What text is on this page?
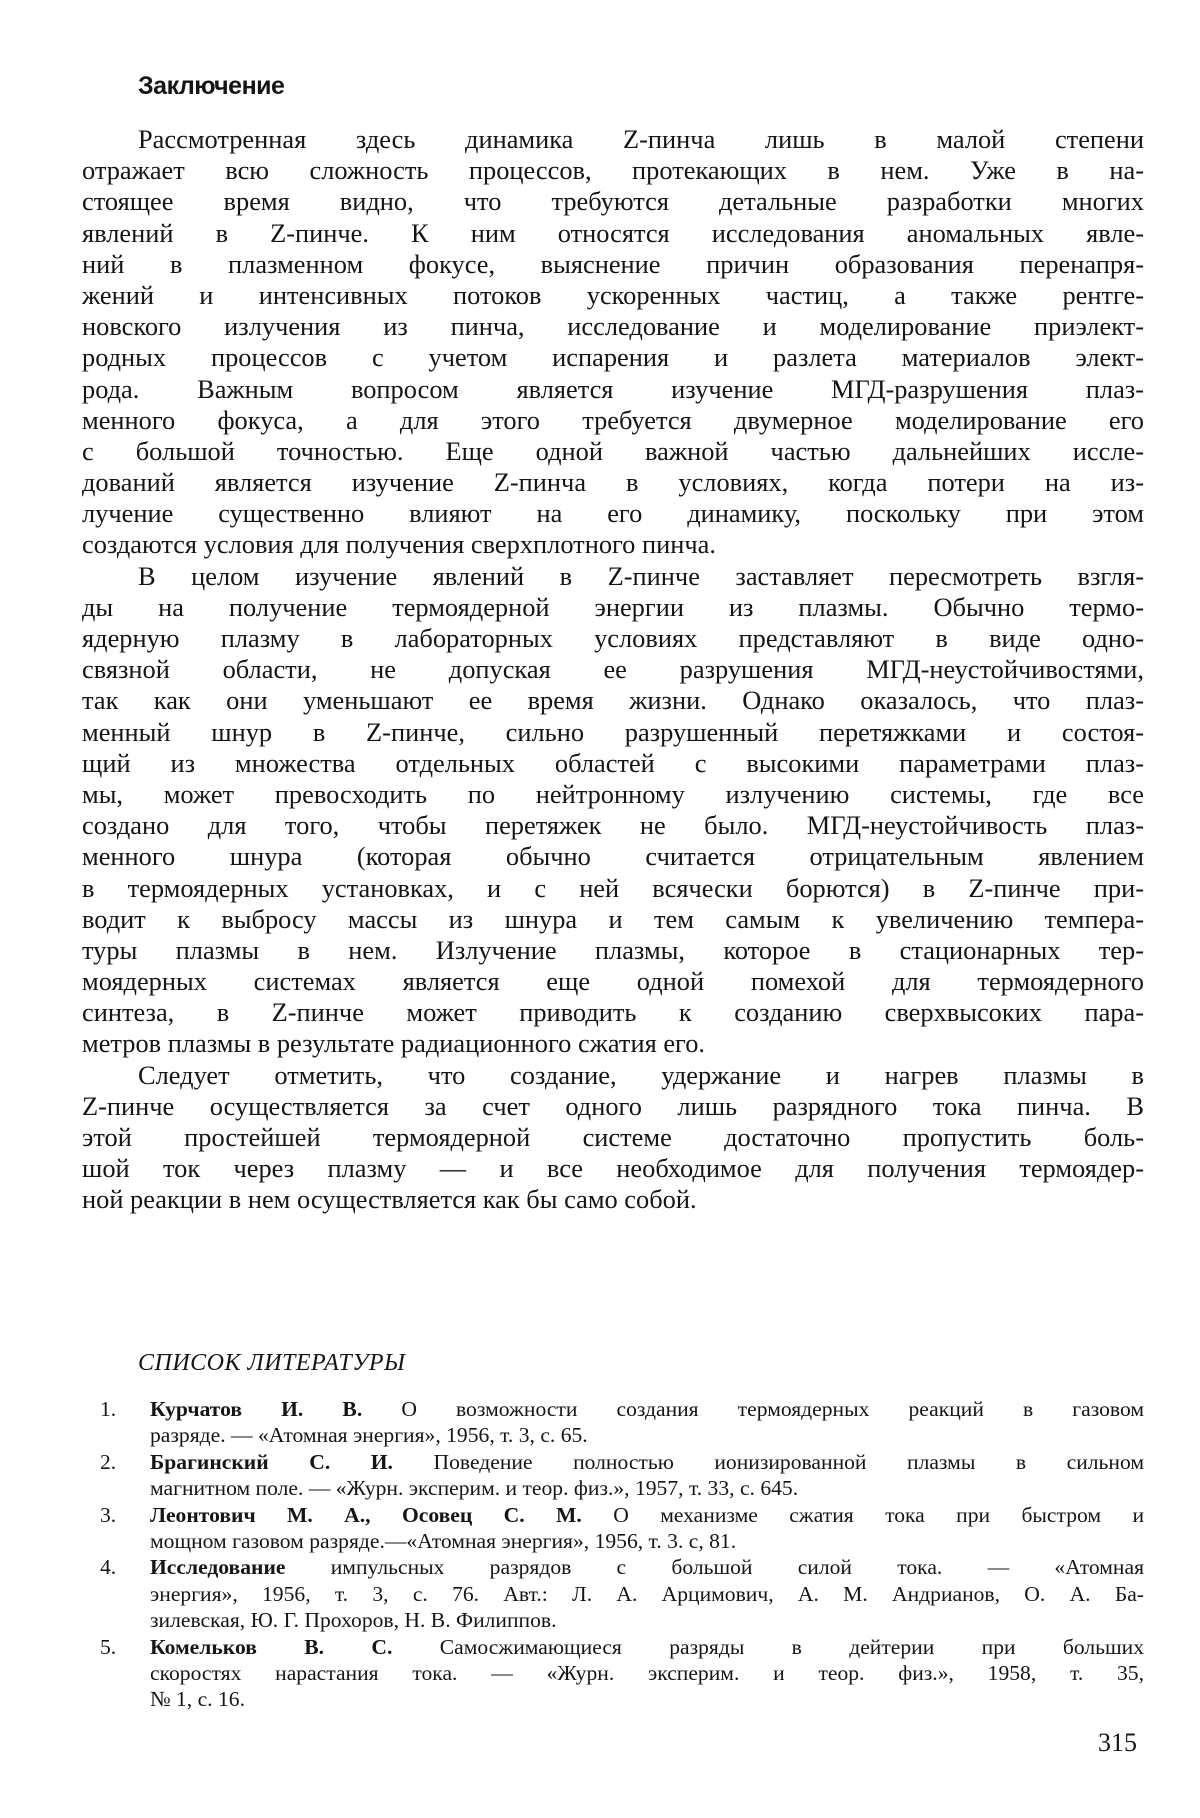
Заключение
Рассмотренная здесь динамика Z-пинча лишь в малой степени
отражает всю сложность процессов, протекающих в нем. Уже в на-
стоящее время видно, что требуются детальные разработки многих
явлений в Z-пинче. К ним относятся исследования аномальных явле-
ний в плазменном фокусе, выяснение причин образования перенапря-
жений и интенсивных потоков ускоренных частиц, а также рентге-
новского излучения из пинча, исследование и моделирование приэлект-
родных процессов с учетом испарения и разлета материалов элект-
рода. Важным вопросом является изучение МГД-разрушения плаз-
менного фокуса, а для этого требуется двумерное моделирование его
с большой точностью. Еще одной важной частью дальнейших иссле-
дований является изучение Z-пинча в условиях, когда потери на из-
лучение существенно влияют на его динамику, поскольку при этом
создаются условия для получения сверхплотного пинча.
В целом изучение явлений в Z-пинче заставляет пересмотреть взгля-
ды на получение термоядерной энергии из плазмы. Обычно термо-
ядерную плазму в лабораторных условиях представляют в виде одно-
связной области, не допуская ее разрушения МГД-неустойчивостями,
так как они уменьшают ее время жизни. Однако оказалось, что плаз-
менный шнур в Z-пинче, сильно разрушенный перетяжками и состоя-
щий из множества отдельных областей с высокими параметрами плаз-
мы, может превосходить по нейтронному излучению системы, где все
создано для того, чтобы перетяжек не было. МГД-неустойчивость плаз-
менного шнура (которая обычно считается отрицательным явлением
в термоядерных установках, и с ней всячески борются) в Z-пинче при-
водит к выбросу массы из шнура и тем самым к увеличению темпера-
туры плазмы в нем. Излучение плазмы, которое в стационарных тер-
моядерных системах является еще одной помехой для термоядерного
синтеза, в Z-пинче может приводить к созданию сверхвысоких пара-
метров плазмы в результате радиационного сжатия его.
Следует отметить, что создание, удержание и нагрев плазмы в
Z-пинче осуществляется за счет одного лишь разрядного тока пинча. В
этой простейшей термоядерной системе достаточно пропустить боль-
шой ток через плазму — и все необходимое для получения термоядер-
ной реакции в нем осуществляется как бы само собой.
СПИСОК ЛИТЕРАТУРЫ
1. Курчатов И. В. О возможности создания термоядерных реакций в газовом
разряде. — «Атомная энергия», 1956, т. 3, с. 65.
2. Брагинский С. И. Поведение полностью ионизированной плазмы в сильном
магнитном поле. — «Журн. эксперим. и теор. физ.», 1957, т. 33, с. 645.
3. Леонтович М. А., Осовец С. М. О механизме сжатия тока при быстром и
мощном газовом разряде.—«Атомная энергия», 1956, т. 3. с, 81.
4. Исследование импульсных разрядов с большой силой тока. — «Атомная
энергия», 1956, т. 3, с. 76. Авт.: Л. А. Арцимович, А. М. Андрианов, О. А. Ба-
зилевская, Ю. Г. Прохоров, Н. В. Филиппов.
5. Комельков В. С. Самосжимающиеся разряды в дейтерии при больших
скоростях нарастания тока. — «Журн. эксперим. и теор. физ.», 1958, т. 35,
№ 1, с. 16.
315
